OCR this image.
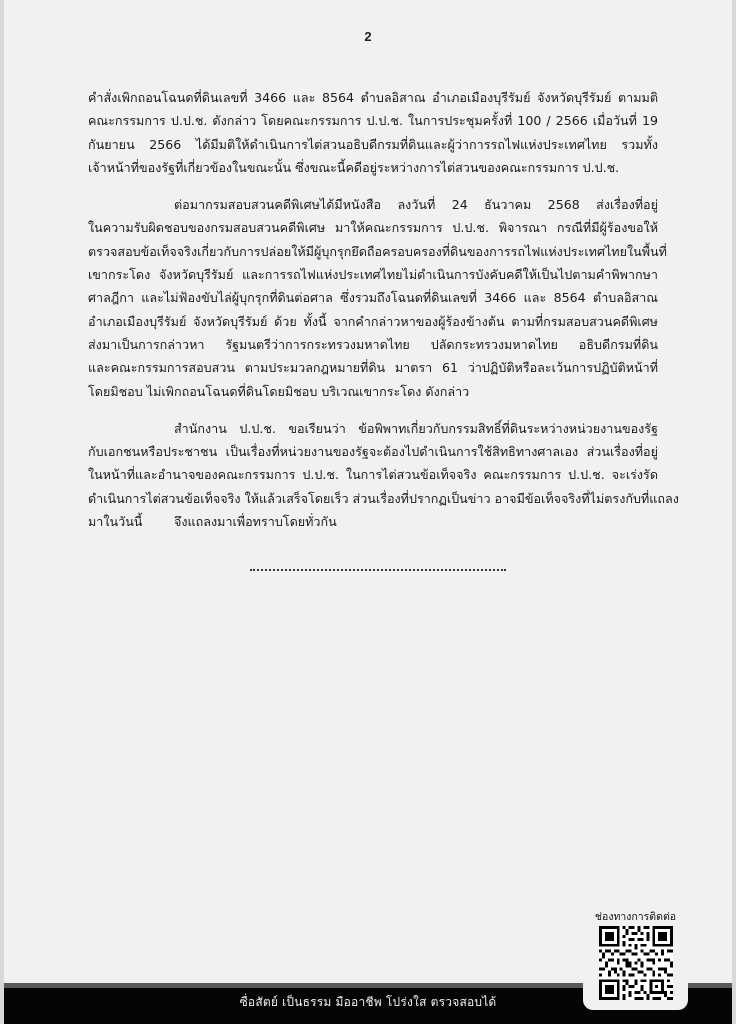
2
คำสั่งเพิกถอนโฉนดที่ดินเลขที่ 3466 และ 8564 ตำบลอิสาณ อำเภอเมืองบุรีรัมย์ จังหวัดบุรีรัมย์ ตามมติ
คณะกรรมการ ป.ป.ช. ดังกล่าว โดยคณะกรรมการ ป.ป.ช. ในการประชุมครั้งที่ 100 / 2566 เมื่อวันที่ 19
กันยายน 2566 ได้มีมติให้ดำเนินการไต่สวนอธิบดีกรมที่ดินและผู้ว่าการรถไฟแห่งประเทศไทย รวมทั้ง
เจ้าหน้าที่ของรัฐที่เกี่ยวข้องในขณะนั้น ซึ่งขณะนี้คดีอยู่ระหว่างการไต่สวนของคณะกรรมการ ป.ป.ช.
ต่อมากรมสอบสวนคดีพิเศษได้มีหนังสือ ลงวันที่ 24 ธันวาคม 2568 ส่งเรื่องที่อยู่
ในความรับผิดชอบของกรมสอบสวนคดีพิเศษ มาให้คณะกรรมการ ป.ป.ช. พิจารณา กรณีที่มีผู้ร้องขอให้
ตรวจสอบข้อเท็จจริงเกี่ยวกับการปล่อยให้มีผู้บุกรุกยึดถือครอบครองที่ดินของการรถไฟแห่งประเทศไทยในพื้นที่
เขากระโดง จังหวัดบุรีรัมย์ และการรถไฟแห่งประเทศไทยไม่ดำเนินการบังคับคดีให้เป็นไปตามคำพิพากษา
ศาลฎีกา และไม่ฟ้องขับไล่ผู้บุกรุกที่ดินต่อศาล ซึ่งรวมถึงโฉนดที่ดินเลขที่ 3466 และ 8564 ตำบลอิสาณ
อำเภอเมืองบุรีรัมย์ จังหวัดบุรีรัมย์ ด้วย ทั้งนี้ จากคำกล่าวหาของผู้ร้องข้างต้น ตามที่กรมสอบสวนคดีพิเศษ
ส่งมาเป็นการกล่าวหา รัฐมนตรีว่าการกระทรวงมหาดไทย ปลัดกระทรวงมหาดไทย อธิบดีกรมที่ดิน
และคณะกรรมการสอบสวน ตามประมวลกฎหมายที่ดิน มาตรา 61 ว่าปฏิบัติหรือละเว้นการปฏิบัติหน้าที่
โดยมิชอบ ไม่เพิกถอนโฉนดที่ดินโดยมิชอบ บริเวณเขากระโดง ดังกล่าว
สำนักงาน ป.ป.ช. ขอเรียนว่า ข้อพิพาทเกี่ยวกับกรรมสิทธิ์ที่ดินระหว่างหน่วยงานของรัฐ
กับเอกชนหรือประชาชน เป็นเรื่องที่หน่วยงานของรัฐจะต้องไปดำเนินการใช้สิทธิทางศาลเอง ส่วนเรื่องที่อยู่
ในหน้าที่และอำนาจของคณะกรรมการ ป.ป.ช. ในการไต่สวนข้อเท็จจริง คณะกรรมการ ป.ป.ช. จะเร่งรัด
ดำเนินการไต่สวนข้อเท็จจริง ให้แล้วเสร็จโดยเร็ว ส่วนเรื่องที่ปรากฏเป็นข่าว อาจมีข้อเท็จจริงที่ไม่ตรงกับที่แถลง
มาในวันนี้	จึงแถลงมาเพื่อทราบโดยทั่วกัน
ซื่อสัตย์ เป็นธรรม มืออาชีพ โปร่งใส ตรวจสอบได้
ช่องทางการติดต่อ
